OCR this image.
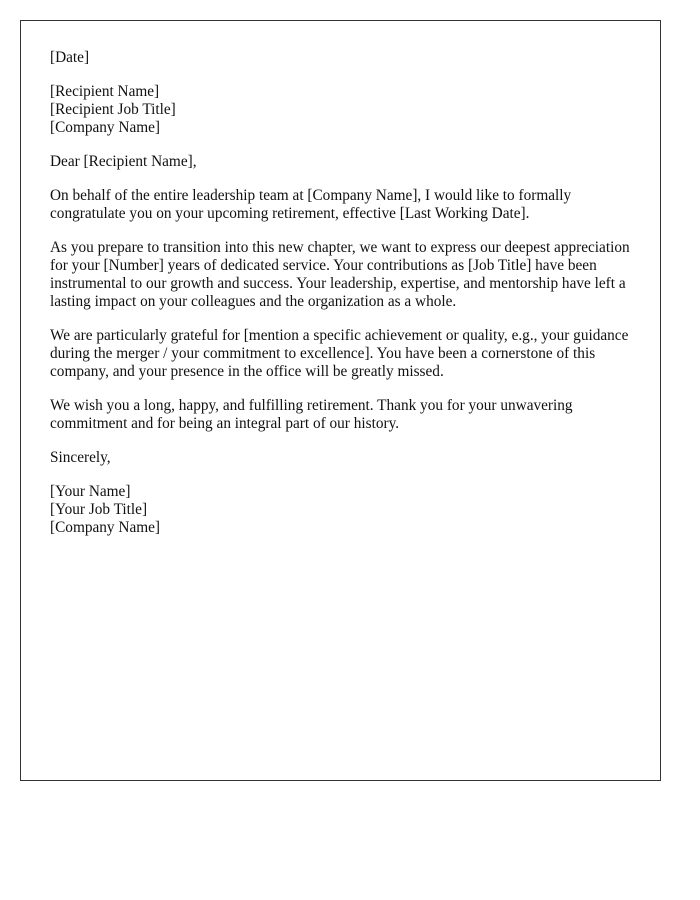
[Date]

[Recipient Name]
[Recipient Job Title]
[Company Name]

Dear [Recipient Name],

On behalf of the entire leadership team at [Company Name], I would like to formally congratulate you on your upcoming retirement, effective [Last Working Date].

As you prepare to transition into this new chapter, we want to express our deepest appreciation for your [Number] years of dedicated service. Your contributions as [Job Title] have been instrumental to our growth and success. Your leadership, expertise, and mentorship have left a lasting impact on your colleagues and the organization as a whole.

We are particularly grateful for [mention a specific achievement or quality, e.g., your guidance during the merger / your commitment to excellence]. You have been a cornerstone of this company, and your presence in the office will be greatly missed.

We wish you a long, happy, and fulfilling retirement. Thank you for your unwavering commitment and for being an integral part of our history.

Sincerely,

[Your Name]
[Your Job Title]
[Company Name]
